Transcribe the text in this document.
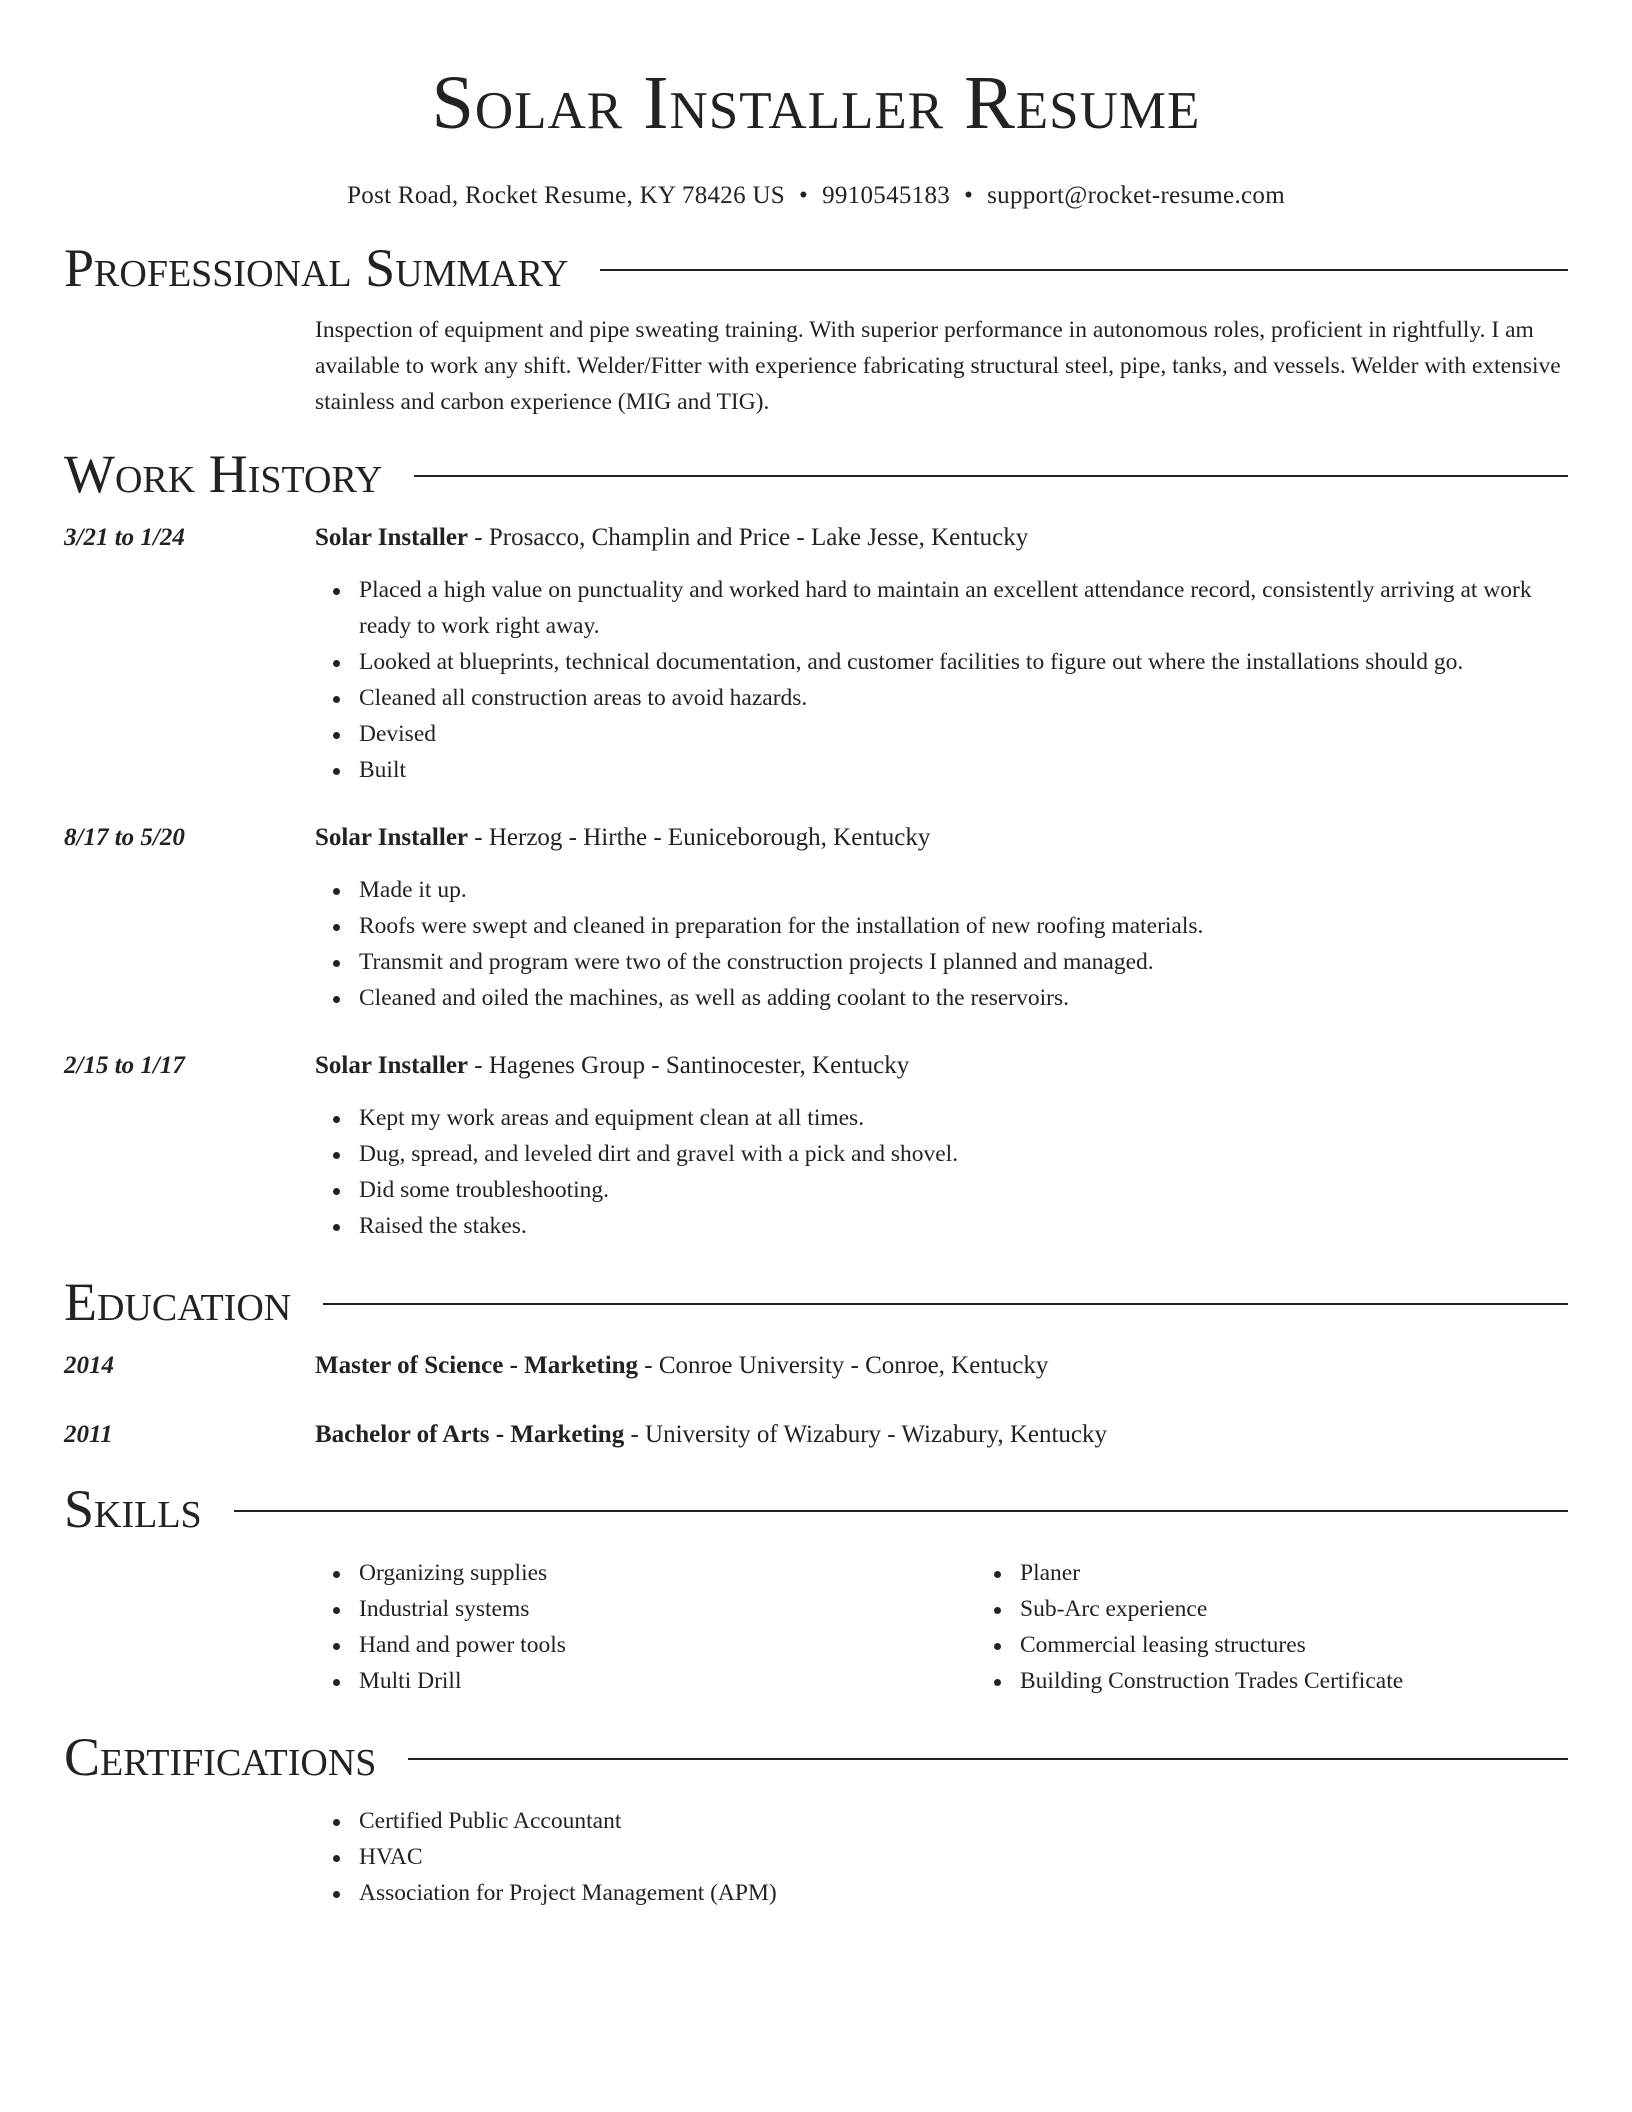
Solar Installer Resume
Post Road, Rocket Resume, KY 78426 US • 9910545183 • support@rocket-resume.com
Professional Summary
Inspection of equipment and pipe sweating training. With superior performance in autonomous roles, proficient in rightfully. I am available to work any shift. Welder/Fitter with experience fabricating structural steel, pipe, tanks, and vessels. Welder with extensive stainless and carbon experience (MIG and TIG).
Work History
3/21 to 1/24	Solar Installer - Prosacco, Champlin and Price - Lake Jesse, Kentucky
Placed a high value on punctuality and worked hard to maintain an excellent attendance record, consistently arriving at work ready to work right away.
Looked at blueprints, technical documentation, and customer facilities to figure out where the installations should go.
Cleaned all construction areas to avoid hazards.
Devised
Built
8/17 to 5/20	Solar Installer - Herzog - Hirthe - Euniceborough, Kentucky
Made it up.
Roofs were swept and cleaned in preparation for the installation of new roofing materials.
Transmit and program were two of the construction projects I planned and managed.
Cleaned and oiled the machines, as well as adding coolant to the reservoirs.
2/15 to 1/17	Solar Installer - Hagenes Group - Santinocester, Kentucky
Kept my work areas and equipment clean at all times.
Dug, spread, and leveled dirt and gravel with a pick and shovel.
Did some troubleshooting.
Raised the stakes.
Education
2014	Master of Science - Marketing - Conroe University - Conroe, Kentucky
2011	Bachelor of Arts - Marketing - University of Wizabury - Wizabury, Kentucky
Skills
Organizing supplies
Industrial systems
Hand and power tools
Multi Drill
Planer
Sub-Arc experience
Commercial leasing structures
Building Construction Trades Certificate
Certifications
Certified Public Accountant
HVAC
Association for Project Management (APM)
